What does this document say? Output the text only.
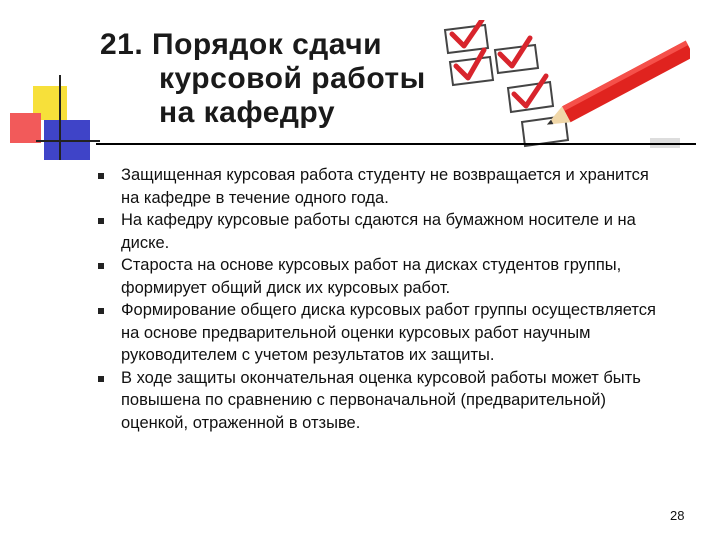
21. Порядок сдачи
курсовой работы
на кафедру
Защищенная курсовая работа студенту не возвращается и хранится на кафедре в течение одного года.
На кафедру курсовые работы сдаются на бумажном носителе и на диске.
Староста на основе курсовых работ на дисках студентов группы, формирует общий диск их курсовых работ.
Формирование общего диска курсовых работ группы осуществляется на основе предварительной оценки курсовых работ научным руководителем с учетом результатов их защиты.
В ходе защиты окончательная оценка курсовой работы может быть повышена по сравнению с первоначальной (предварительной) оценкой, отраженной в отзыве.
28
